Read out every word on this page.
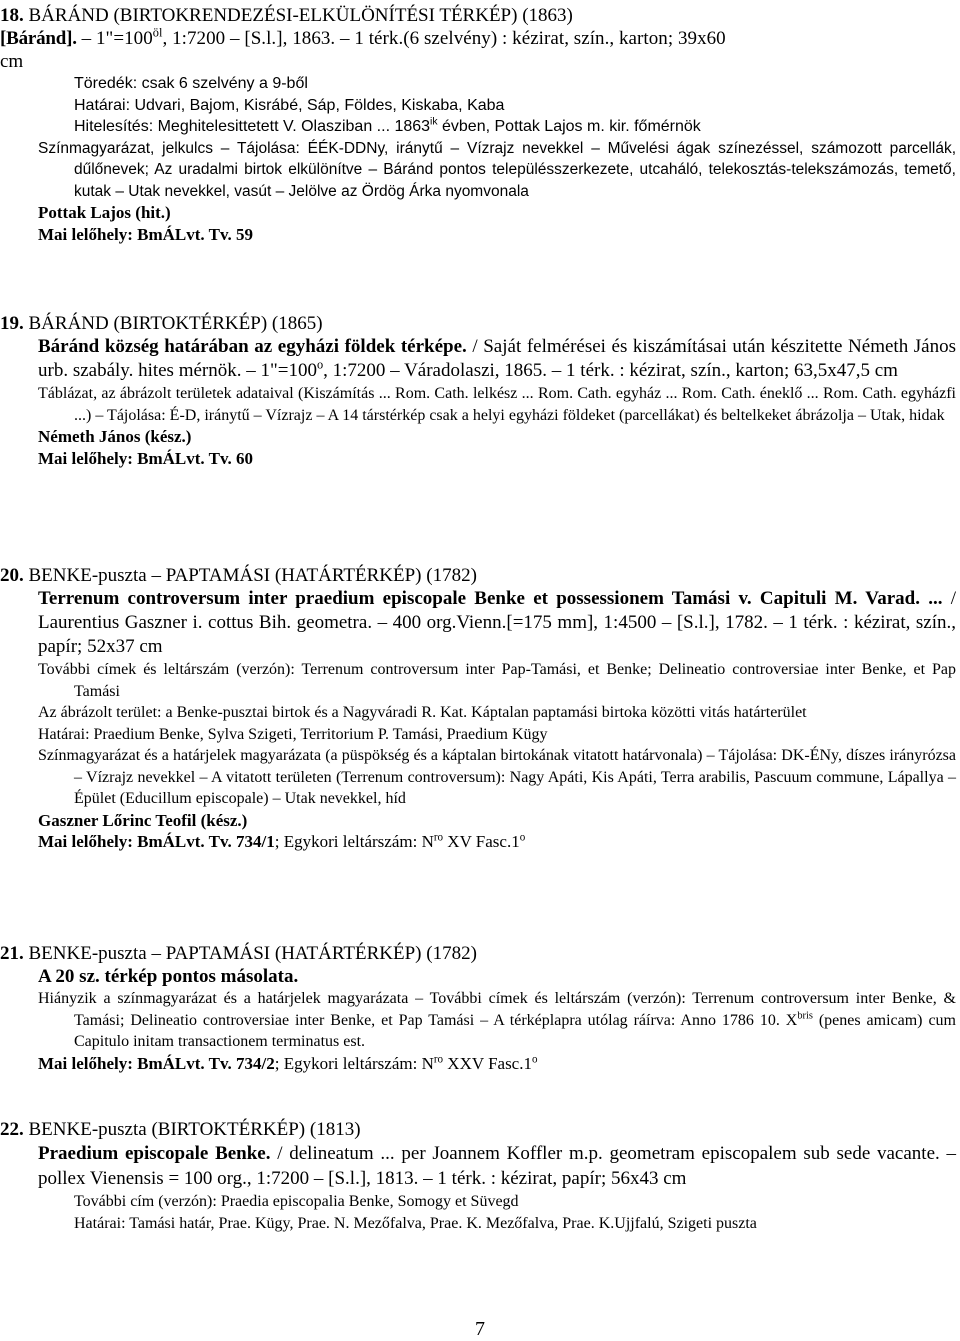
18. BÁRÁND (BIRTOKRENDEZÉSI-ELKÜLÖNÍTÉSI TÉRKÉP) (1863)

[Báránd]. – $1"=100^{öl}$, 1:7200 – [S.l.], 1863. – 1 térk.(6 szelvény) : kézirat, szín., karton; 39x60

cm

Töredék: csak 6 szelvény a 9-ből

Határai: Udvari, Bajom, Kisrábé, Sáp, Földes, Kiskaba, Kaba

Hitelesítés: Meghitelesittetett V. Olasziban ... $1863^{ik}$ évben, Pottak Lajos m. kir. főmérnök

Színmagyarázat, jelkulcs – Tájolása: ÉÉK-DDNy, iránytű – Vízrajz nevekkel – Művelési ágak színezéssel, számozott parcellák, dűlőnevek; Az uradalmi birtok elkülönítve – Báránd pontos településszerkezete, utcaháló, telekosztás-telekszámozás, temető, kutak – Utak nevekkel, vasút – Jelölve az Ördög Árka nyomvonala

Pottak Lajos (hit.)

Mai lelőhely: BmÁLvt. Tv. 59

19. BÁRÁND (BIRTOKTÉRKÉP) (1865)

Báránd község határában az egyházi földek térképe. / Saját felmérései és kiszámításai után készitette Németh János urb. szabály. hites mérnök. – $1"=100^o$, 1:7200 – Váradolaszi, 1865. – 1 térk. : kézirat, szín., karton; 63,5x47,5 cm

Táblázat, az ábrázolt területek adataival (Kiszámítás ... Rom. Cath. lelkész ... Rom. Cath. egyház ... Rom. Cath. éneklő ... Rom. Cath. egyházfi ...) – Tájolása: É-D, iránytű – Vízrajz – A 14 társtérkép csak a helyi egyházi földeket (parcellákat) és beltelkeket ábrázolja – Utak, hidak

Németh János (kész.)

Mai lelőhely: BmÁLvt. Tv. 60

20. BENKE-puszta – PAPTAMÁSI (HATÁRTÉRKÉP) (1782)

Terrenum controversum inter praedium episcopale Benke et possessionem Tamási v. Capituli M. Varad. ... / Laurentius Gaszner i. cottus Bih. geometra. – 400 org.Vienn.[=175 mm], 1:4500 – [S.l.], 1782. – 1 térk. : kézirat, szín., papír; 52x37 cm

További címek és leltárszám (verzón): Terrenum controversum inter Pap-Tamási, et Benke; Delineatio controversiae inter Benke, et Pap Tamási

Az ábrázolt terület: a Benke-pusztai birtok és a Nagyváradi R. Kat. Káptalan paptamási birtoka közötti vitás határterület

Határai: Praedium Benke, Sylva Szigeti, Territorium P. Tamási, Praedium Kügy

Színmagyarázat és a határjelek magyarázata (a püspökség és a káptalan birtokának vitatott határvonala) – Tájolása: DK-ÉNy, díszes irányrózsa – Vízrajz nevekkel – A vitatott területen (Terrenum controversum): Nagy Apáti, Kis Apáti, Terra arabilis, Pascuum commune, Lápallya – Épület (Educillum episcopale) – Utak nevekkel, híd

Gaszner Lőrinc Teofil (kész.)

Mai lelőhely: BmÁLvt. Tv. 734/1; Egykori leltárszám: $N^{ro}$ XV Fasc.1$^o$

21. BENKE-puszta – PAPTAMÁSI (HATÁRTÉRKÉP) (1782)

A 20 sz. térkép pontos másolata.

Hiányzik a színmagyarázat és a határjelek magyarázata – További címek és leltárszám (verzón): Terrenum controversum inter Benke, & Tamási; Delineatio controversiae inter Benke, et Pap Tamási – A térképlapra utólag ráírva: Anno 1786 10. $X^{bris}$ (penes amicam) cum Capitulo initam transactionem terminatus est.

Mai lelőhely: BmÁLvt. Tv. 734/2; Egykori leltárszám: $N^{ro}$ XXV Fasc.1$^o$

22. BENKE-puszta (BIRTOKTÉRKÉP) (1813)

Praedium episcopale Benke. / delineatum ... per Joannem Koffler m.p. geometram episcopalem sub sede vacante. – pollex Vienensis = 100 org., 1:7200 – [S.l.], 1813. – 1 térk. : kézirat, papír; 56x43 cm

További cím (verzón): Praedia episcopalia Benke, Somogy et Süvegd

Határai: Tamási határ, Prae. Kügy, Prae. N. Mezőfalva, Prae. K. Mezőfalva, Prae. K.Ujjfalú, Szigeti puszta

7
